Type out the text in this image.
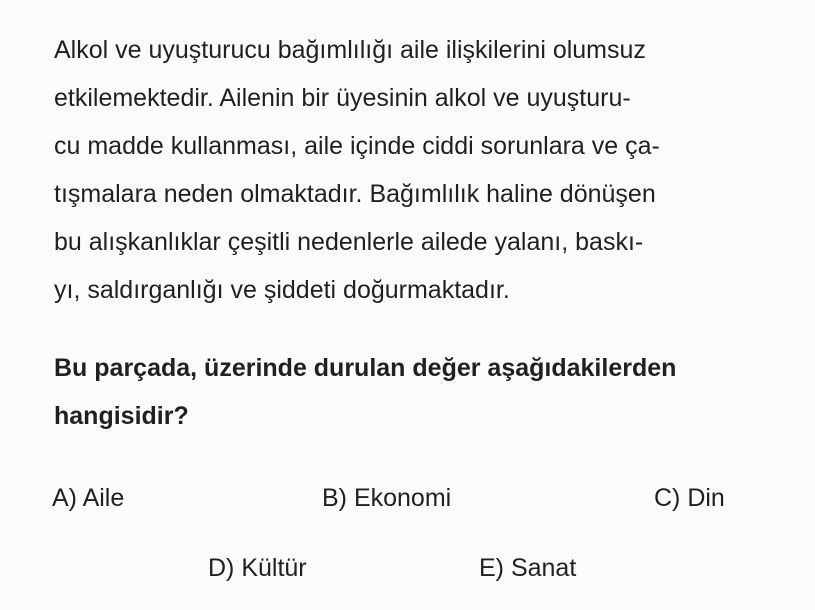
Alkol ve uyuşturucu bağımlılığı aile ilişkilerini olumsuz
etkilemektedir. Ailenin bir üyesinin alkol ve uyuşturu-
cu madde kullanması, aile içinde ciddi sorunlara ve ça-
tışmalara neden olmaktadır. Bağımlılık haline dönüşen
bu alışkanlıklar çeşitli nedenlerle ailede yalanı, baskı-
yı, saldırganlığı ve şiddeti doğurmaktadır.
Bu parçada, üzerinde durulan değer aşağıdakilerden
hangisidir?
A) Aile	B) Ekonomi	C) Din
D) Kültür	E) Sanat
